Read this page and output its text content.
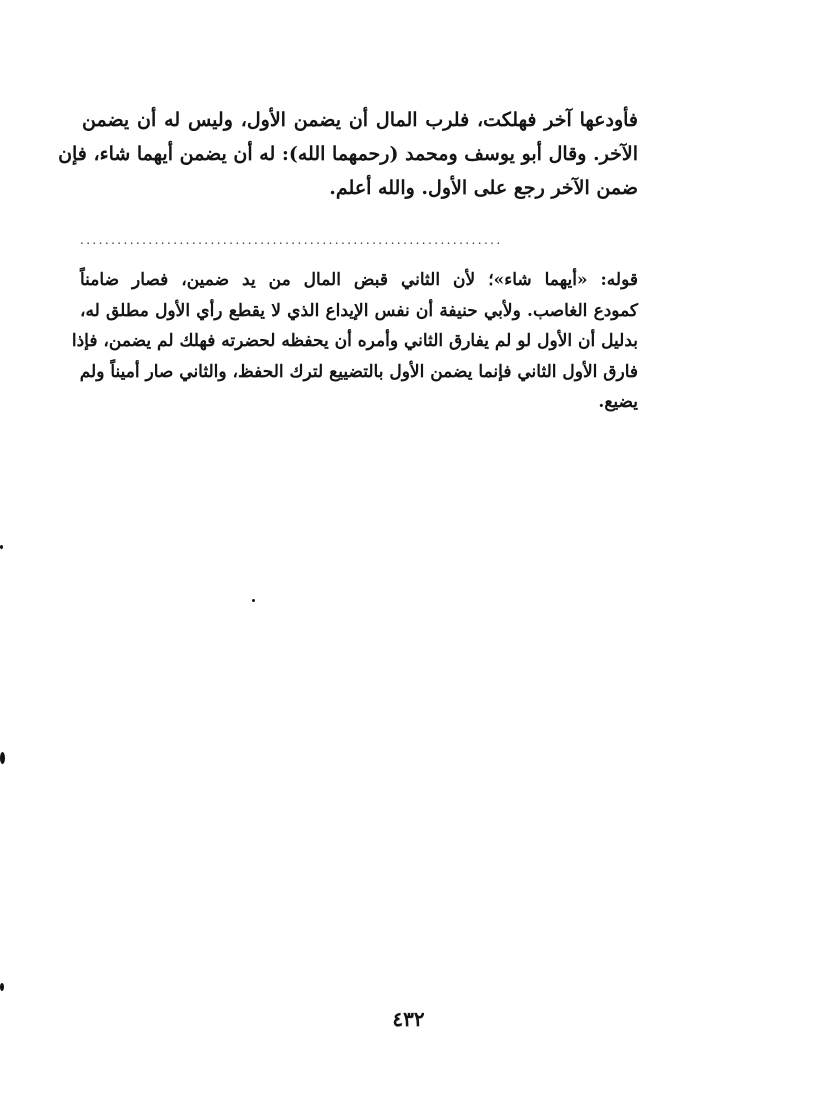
فأودعها آخر فهلكت، فلرب المال أن يضمن الأول، وليس له أن يضمن
الآخر. وقال أبو يوسف ومحمد (رحمهما الله): له أن يضمن أيهما شاء، فإن
ضمن الآخر رجع على الأول. والله أعلم.
....................................................................
قوله: «أيهما شاء»؛ لأن الثاني قبض المال من يد ضمين، فصار ضامناً
كمودع الغاصب. ولأبي حنيفة أن نفس الإيداع الذي لا يقطع رأي الأول مطلق له،
بدليل أن الأول لو لم يفارق الثاني وأمره أن يحفظه لحضرته فهلك لم يضمن، فإذا
فارق الأول الثاني فإنما يضمن الأول بالتضييع لترك الحفظ، والثاني صار أميناً ولم
يضيع.
٤٣٢
